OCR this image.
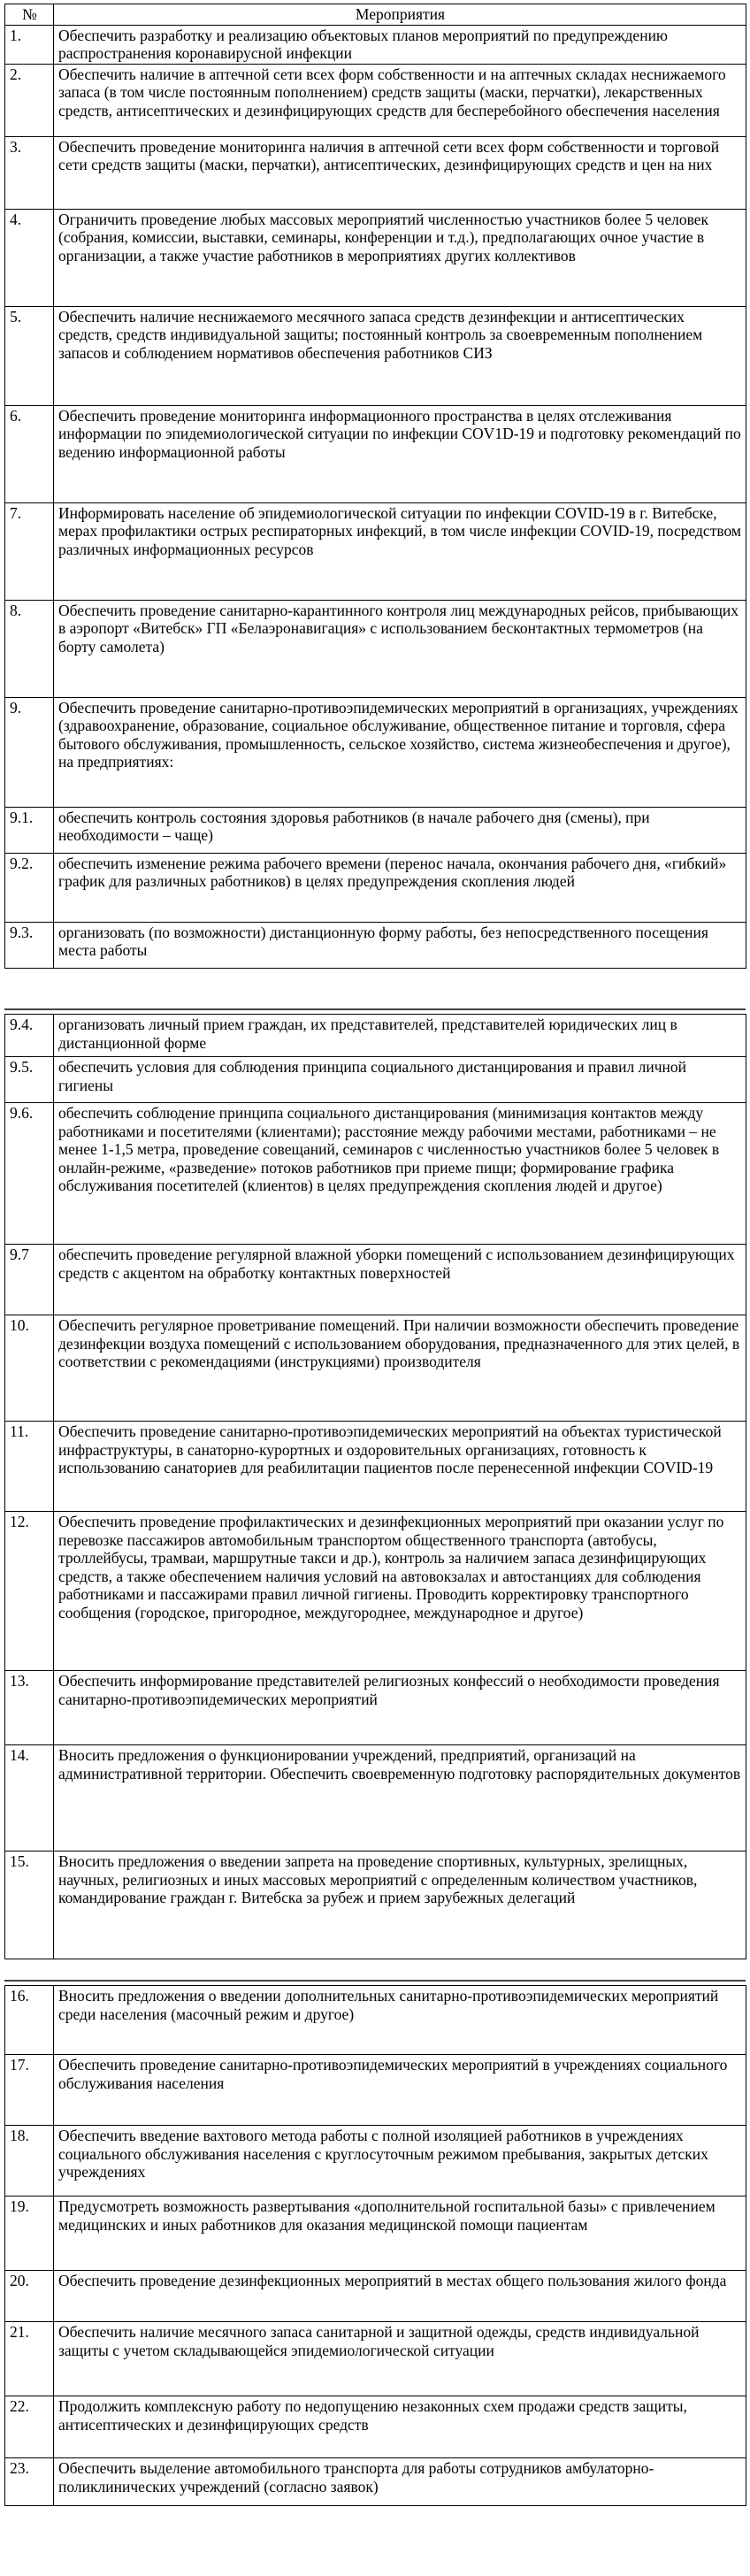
№	Мероприятия
1.	Обеспечить разработку и реализацию объектовых планов мероприятий по предупреждению распространения коронавирусной инфекции
2.	Обеспечить наличие в аптечной сети всех форм собственности и на аптечных складах неснижаемого запаса (в том числе постоянным пополнением) средств защиты (маски, перчатки), лекарственных средств, антисептических и дезинфицирующих средств для бесперебойного обеспечения населения
3.	Обеспечить проведение мониторинга наличия в аптечной сети всех форм собственности и торговой сети средств защиты (маски, перчатки), антисептических, дезинфицирующих средств и цен на них
4.	Ограничить проведение любых массовых мероприятий численностью участников более 5 человек (собрания, комиссии, выставки, семинары, конференции и т.д.), предполагающих очное участие в организации, а также участие работников в мероприятиях других коллективов
5.	Обеспечить наличие неснижаемого месячного запаса средств дезинфекции и антисептических средств, средств индивидуальной защиты; постоянный контроль за своевременным пополнением запасов и соблюдением нормативов обеспечения работников СИЗ
6.	Обеспечить проведение мониторинга информационного пространства в целях отслеживания информации по эпидемиологической ситуации по инфекции COV1D-19 и подготовку рекомендаций по ведению информационной работы
7.	Информировать население об эпидемиологической ситуации по инфекции COVID-19 в г. Витебске, мерах профилактики острых респираторных инфекций, в том числе инфекции COVID-19, посредством различных информационных ресурсов
8.	Обеспечить проведение санитарно-карантинного контроля лиц международных рейсов, прибывающих в аэропорт «Витебск» ГП «Белаэронавигация» с использованием бесконтактных термометров (на борту самолета)
9.	Обеспечить проведение санитарно-противоэпидемических мероприятий в организациях, учреждениях (здравоохранение, образование, социальное обслуживание, общественное питание и торговля, сфера бытового обслуживания, промышленность, сельское хозяйство, система жизнеобеспечения и другое), на предприятиях:
9.1.	обеспечить контроль состояния здоровья работников (в начале рабочего дня (смены), при необходимости – чаще)
9.2.	обеспечить изменение режима рабочего времени (перенос начала, окончания рабочего дня, «гибкий» график для различных работников) в целях предупреждения скопления людей
9.3.	организовать (по возможности) дистанционную форму работы, без непосредственного посещения места работы
9.4.	организовать личный прием граждан, их представителей, представителей юридических лиц в дистанционной форме
9.5.	обеспечить условия для соблюдения принципа социального дистанцирования и правил личной гигиены
9.6.	обеспечить соблюдение принципа социального дистанцирования (минимизация контактов между работниками и посетителями (клиентами); расстояние между рабочими местами, работниками – не менее 1-1,5 метра, проведение совещаний, семинаров с численностью участников более 5 человек в онлайн-режиме, «разведение» потоков работников при приеме пищи; формирование графика обслуживания посетителей (клиентов) в целях предупреждения скопления людей и другое)
9.7	обеспечить проведение регулярной влажной уборки помещений с использованием дезинфицирующих средств с акцентом на обработку контактных поверхностей
10.	Обеспечить регулярное проветривание помещений. При наличии возможности обеспечить проведение дезинфекции воздуха помещений с использованием оборудования, предназначенного для этих целей, в соответствии с рекомендациями (инструкциями) производителя
11.	Обеспечить проведение санитарно-противоэпидемических мероприятий на объектах туристической инфраструктуры, в санаторно-курортных и оздоровительных организациях, готовность к использованию санаториев для реабилитации пациентов после перенесенной инфекции COVID-19
12.	Обеспечить проведение профилактических и дезинфекционных мероприятий при оказании услуг по перевозке пассажиров автомобильным транспортом общественного транспорта (автобусы, троллейбусы, трамваи, маршрутные такси и др.), контроль за наличием запаса дезинфицирующих средств, а также обеспечением наличия условий на автовокзалах и автостанциях для соблюдения работниками и пассажирами правил личной гигиены. Проводить корректировку транспортного сообщения (городское, пригородное, междугороднее, международное и другое)
13.	Обеспечить информирование представителей религиозных конфессий о необходимости проведения санитарно-противоэпидемических мероприятий
14.	Вносить предложения о функционировании учреждений, предприятий, организаций на административной территории. Обеспечить своевременную подготовку распорядительных документов
15.	Вносить предложения о введении запрета на проведение спортивных, культурных, зрелищных, научных, религиозных и иных массовых мероприятий с определенным количеством участников, командирование граждан г. Витебска за рубеж и прием зарубежных делегаций
16.	Вносить предложения о введении дополнительных санитарно-противоэпидемических мероприятий среди населения (масочный режим и другое)
17.	Обеспечить проведение санитарно-противоэпидемических мероприятий в учреждениях социального обслуживания населения
18.	Обеспечить введение вахтового метода работы с полной изоляцией работников в учреждениях социального обслуживания населения с круглосуточным режимом пребывания, закрытых детских учреждениях
19.	Предусмотреть возможность развертывания «дополнительной госпитальной базы» с привлечением медицинских и иных работников для оказания медицинской помощи пациентам
20.	Обеспечить проведение дезинфекционных мероприятий в местах общего пользования жилого фонда
21.	Обеспечить наличие месячного запаса санитарной и защитной одежды, средств индивидуальной защиты с учетом складывающейся эпидемиологической ситуации
22.	Продолжить комплексную работу по недопущению незаконных схем продажи средств защиты, антисептических и дезинфицирующих средств
23.	Обеспечить выделение автомобильного транспорта для работы сотрудников амбулаторно-поликлинических учреждений (согласно заявок)
